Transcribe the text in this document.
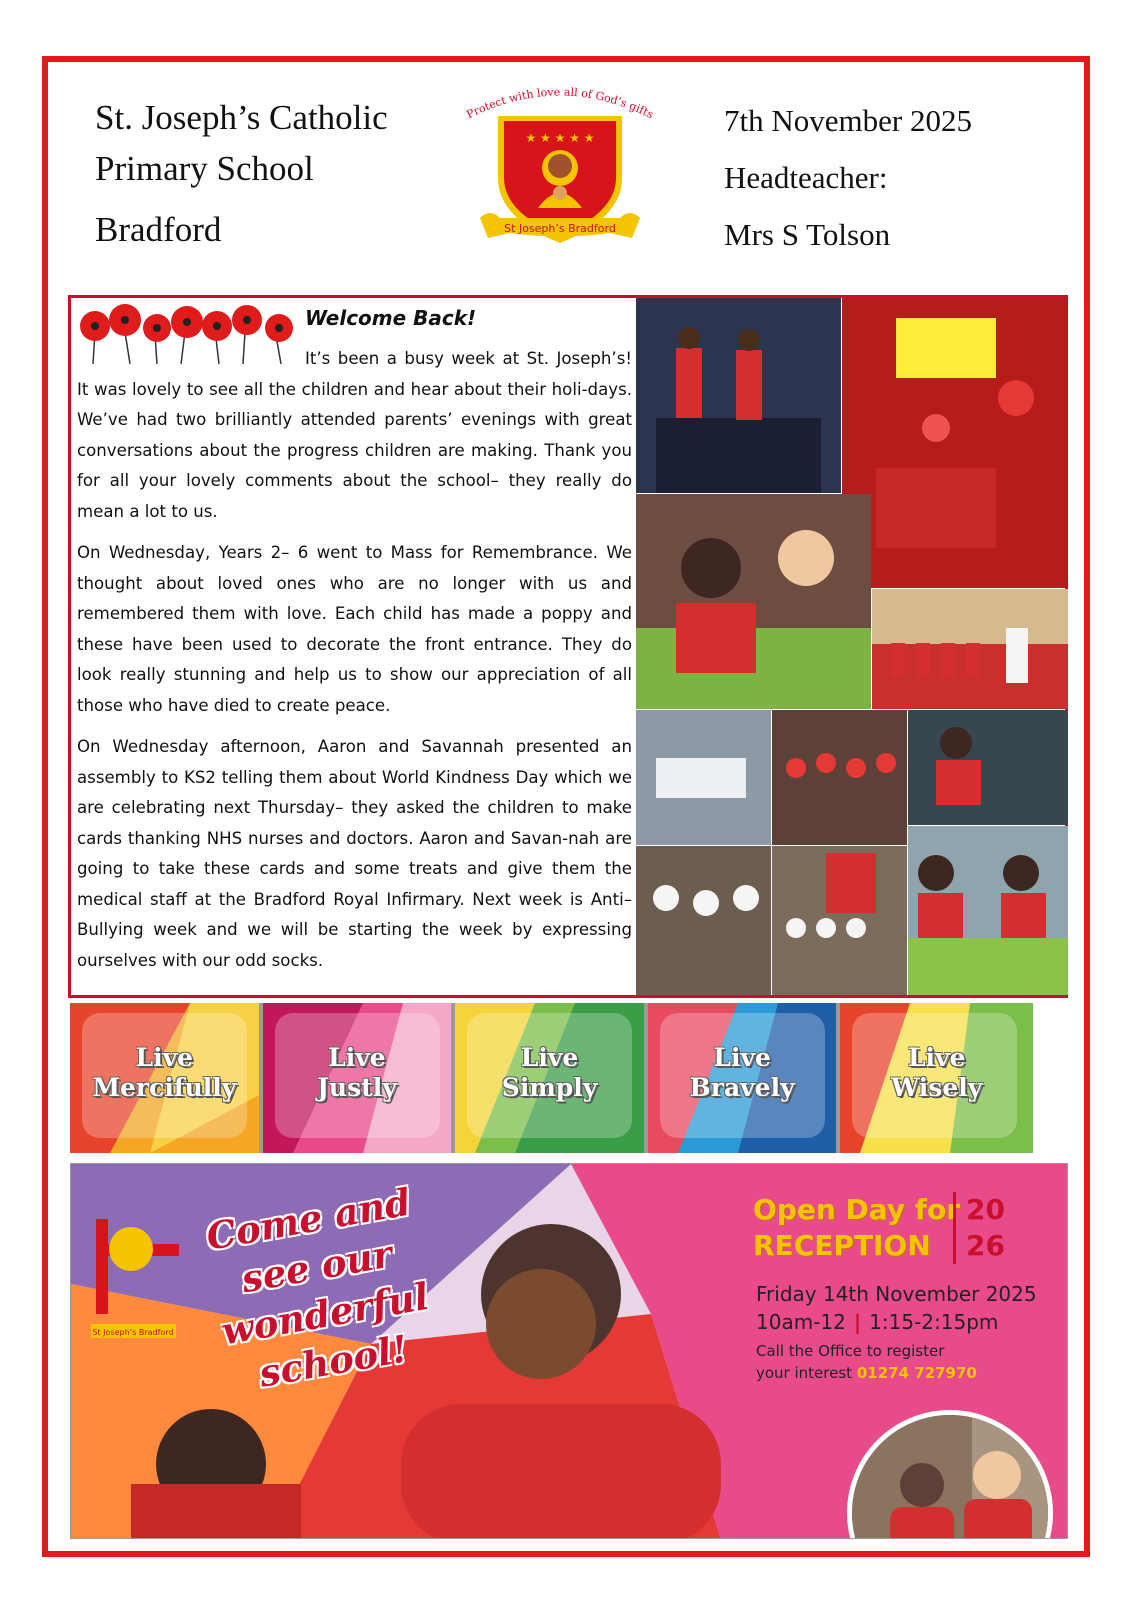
St. Joseph’s Catholic
Primary School
Bradford
Protect with love all of God’s gifts
★ ★ ★ ★ ★
St Joseph’s Bradford
7th November 2025
Headteacher:
Mrs S Tolson
Welcome Back!

It’s been a busy week at St. Joseph’s! It was lovely to see all the children and hear about their holi-days. We’ve had two brilliantly attended parents’ evenings with great conversations about the progress children are making. Thank you for all your lovely comments about the school– they really do mean a lot to us.

On Wednesday, Years 2– 6 went to Mass for Remembrance. We thought about loved ones who are no longer with us and remembered them with love. Each child has made a poppy and these have been used to decorate the front entrance. They do look really stunning and help us to show our appreciation of all those who have died to create peace.

On Wednesday afternoon, Aaron and Savannah presented an assembly to KS2 telling them about World Kindness Day which we are celebrating next Thursday– they asked the children to make cards thanking NHS nurses and doctors. Aaron and Savan-nah are going to take these cards and some treats and give them the medical staff at the Bradford Royal Infirmary. Next week is Anti– Bullying week and we will be starting the week by expressing ourselves with our odd socks.

Live
Mercifully
Live
Justly
Live
Simply
Live
Bravely
Live
Wisely
St Joseph’s Bradford
Come and see our wonderful school!
Open Day for
RECEPTION
20
26
Friday 14th November 2025
10am-12 | 1:15-2:15pm
Call the Office to register
your interest 01274 727970
